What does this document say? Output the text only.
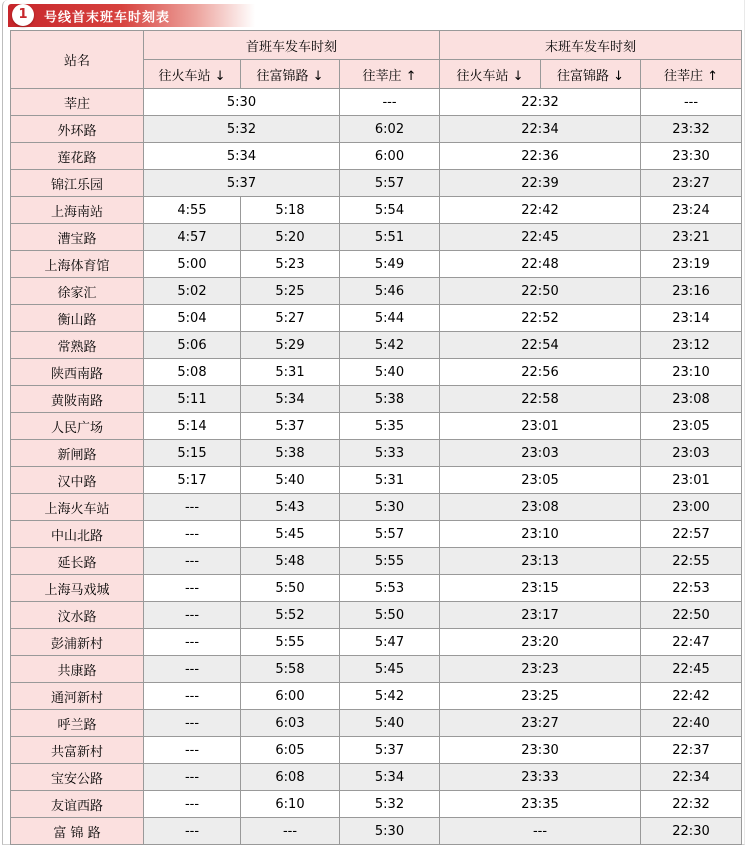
1	号线首末班车时刻表
站名	首班车发车时刻			末班车发车时刻		
	往火车站 ↓	往富锦路 ↓	往莘庄 ↑	往火车站 ↓	往富锦路 ↓	往莘庄 ↑
莘庄	5:30		---	22:32		---
外环路	5:32		6:02	22:34		23:32
莲花路	5:34		6:00	22:36		23:30
锦江乐园	5:37		5:57	22:39		23:27
上海南站	4:55	5:18	5:54	22:42		23:24
漕宝路	4:57	5:20	5:51	22:45		23:21
上海体育馆	5:00	5:23	5:49	22:48		23:19
徐家汇	5:02	5:25	5:46	22:50		23:16
衡山路	5:04	5:27	5:44	22:52		23:14
常熟路	5:06	5:29	5:42	22:54		23:12
陕西南路	5:08	5:31	5:40	22:56		23:10
黄陂南路	5:11	5:34	5:38	22:58		23:08
人民广场	5:14	5:37	5:35	23:01		23:05
新闸路	5:15	5:38	5:33	23:03		23:03
汉中路	5:17	5:40	5:31	23:05		23:01
上海火车站	---	5:43	5:30	23:08		23:00
中山北路	---	5:45	5:57	23:10		22:57
延长路	---	5:48	5:55	23:13		22:55
上海马戏城	---	5:50	5:53	23:15		22:53
汶水路	---	5:52	5:50	23:17		22:50
彭浦新村	---	5:55	5:47	23:20		22:47
共康路	---	5:58	5:45	23:23		22:45
通河新村	---	6:00	5:42	23:25		22:42
呼兰路	---	6:03	5:40	23:27		22:40
共富新村	---	6:05	5:37	23:30		22:37
宝安公路	---	6:08	5:34	23:33		22:34
友谊西路	---	6:10	5:32	23:35		22:32
富 锦 路	---	---	5:30	---		22:30
